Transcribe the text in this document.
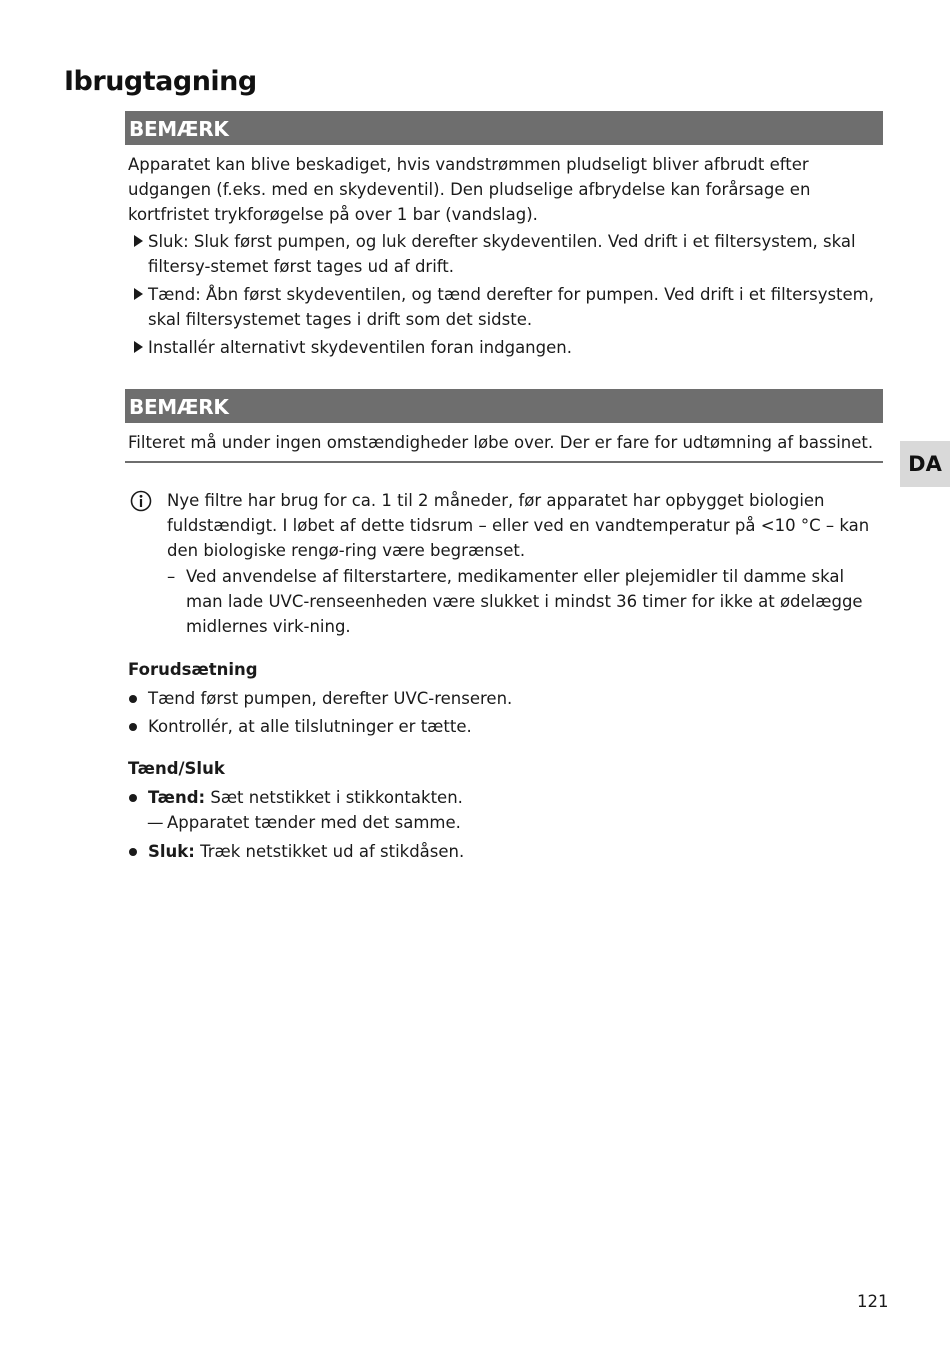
Ibrugtagning
DA
BEMÆRK

Apparatet kan blive beskadiget, hvis vandstrømmen pludseligt bliver afbrudt efter udgangen (f.eks. med en skydeventil). Den pludselige afbrydelse kan forårsage en kortfristet trykforøgelse på over 1 bar (vandslag).

Sluk: Sluk først pumpen, og luk derefter skydeventilen. Ved drift i et filtersystem, skal filtersy-stemet først tages ud af drift.
Tænd: Åbn først skydeventilen, og tænd derefter for pumpen. Ved drift i et filtersystem, skal filtersystemet tages i drift som det sidste.
Installér alternativt skydeventilen foran indgangen.
BEMÆRK

Filteret må under ingen omstændigheder løbe over. Der er fare for udtømning af bassinet.

Nye filtre har brug for ca. 1 til 2 måneder, før apparatet har opbygget biologien fuldstændigt. I løbet af dette tidsrum – eller ved en vandtemperatur på <10 °C – kan den biologiske rengø-ring være begrænset.

– Ved anvendelse af filterstartere, medikamenter eller plejemidler til damme skal man lade UVC-renseenheden være slukket i mindst 36 timer for ikke at ødelægge midlernes virk-ning.
Forudsætning
Tænd først pumpen, derefter UVC-renseren.
Kontrollér, at alle tilslutninger er tætte.
Tænd/Sluk
Tænd: Sæt netstikket i stikkontakten.
— Apparatet tænder med det samme.
Sluk: Træk netstikket ud af stikdåsen.
121
